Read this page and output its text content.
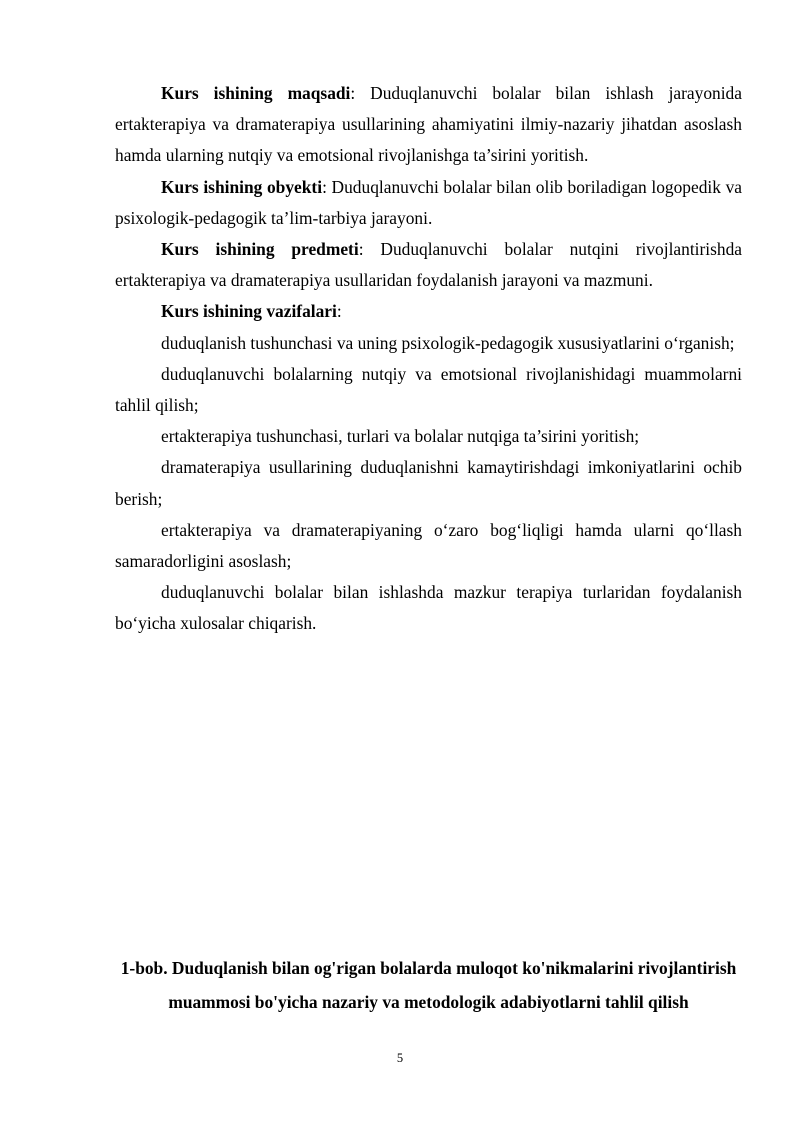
Kurs ishining maqsadi: Duduqlanuvchi bolalar bilan ishlash jarayonida ertakterapiya va dramaterapiya usullarining ahamiyatini ilmiy-nazariy jihatdan asoslash hamda ularning nutqiy va emotsional rivojlanishga ta’sirini yoritish.

Kurs ishining obyekti: Duduqlanuvchi bolalar bilan olib boriladigan logopedik va psixologik-pedagogik ta’lim-tarbiya jarayoni.

Kurs ishining predmeti: Duduqlanuvchi bolalar nutqini rivojlantirishda ertakterapiya va dramaterapiya usullaridan foydalanish jarayoni va mazmuni.

Kurs ishining vazifalari:

duduqlanish tushunchasi va uning psixologik-pedagogik xususiyatlarini o‘rganish;

duduqlanuvchi bolalarning nutqiy va emotsional rivojlanishidagi muammolarni tahlil qilish;

ertakterapiya tushunchasi, turlari va bolalar nutqiga ta’sirini yoritish;

dramaterapiya usullarining duduqlanishni kamaytirishdagi imkoniyatlarini ochib berish;

ertakterapiya va dramaterapiyaning o‘zaro bog‘liqligi hamda ularni qo‘llash samaradorligini asoslash;

duduqlanuvchi bolalar bilan ishlashda mazkur terapiya turlaridan foydalanish bo‘yicha xulosalar chiqarish.

1-bob. Duduqlanish bilan og'rigan bolalarda muloqot ko'nikmalarini rivojlantirish muammosi bo'yicha nazariy va metodologik adabiyotlarni tahlil qilish

5
